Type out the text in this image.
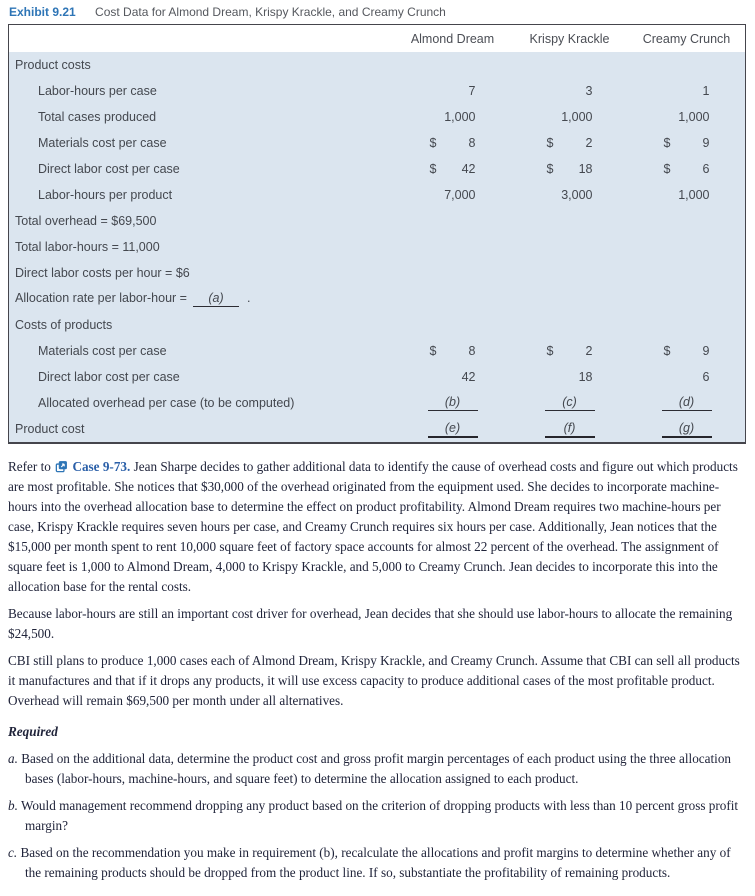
Exhibit 9.21 Cost Data for Almond Dream, Krispy Krackle, and Creamy Crunch
Almond Dream	Krispy Krackle	Creamy Crunch
Product costs
Labor-hours per case	7	3	1
Total cases produced	1,000	1,000	1,000
Materials cost per case	$	8	$	2	$	9
Direct labor cost per case	$	42	$	18	$	6
Labor-hours per product	7,000	3,000	1,000
Total overhead = $69,500
Total labor-hours = 11,000
Direct labor costs per hour = $6
Allocation rate per labor-hour = (a) .
Costs of products
Materials cost per case	$	8	$	2	$	9
Direct labor cost per case	42	18	6
Allocated overhead per case (to be computed)	(b)	(c)	(d)
Product cost	(e)	(f)	(g)

Refer to Case 9-73. Jean Sharpe decides to gather additional data to identify the cause of overhead costs and figure out which products are most profitable. She notices that $30,000 of the overhead originated from the equipment used. She decides to incorporate machine-hours into the overhead allocation base to determine the effect on product profitability. Almond Dream requires two machine-hours per case, Krispy Krackle requires seven hours per case, and Creamy Crunch requires six hours per case. Additionally, Jean notices that the $15,000 per month spent to rent 10,000 square feet of factory space accounts for almost 22 percent of the overhead. The assignment of square feet is 1,000 to Almond Dream, 4,000 to Krispy Krackle, and 5,000 to Creamy Crunch. Jean decides to incorporate this into the allocation base for the rental costs.

Because labor-hours are still an important cost driver for overhead, Jean decides that she should use labor-hours to allocate the remaining $24,500.

CBI still plans to produce 1,000 cases each of Almond Dream, Krispy Krackle, and Creamy Crunch. Assume that CBI can sell all products it manufactures and that if it drops any products, it will use excess capacity to produce additional cases of the most profitable product. Overhead will remain $69,500 per month under all alternatives.

Required

a. Based on the additional data, determine the product cost and gross profit margin percentages of each product using the three allocation bases (labor-hours, machine-hours, and square feet) to determine the allocation assigned to each product.

b. Would management recommend dropping any product based on the criterion of dropping products with less than 10 percent gross profit margin?

c. Based on the recommendation you make in requirement (b), recalculate the allocations and profit margins to determine whether any of the remaining products should be dropped from the product line. If so, substantiate the profitability of remaining products.
